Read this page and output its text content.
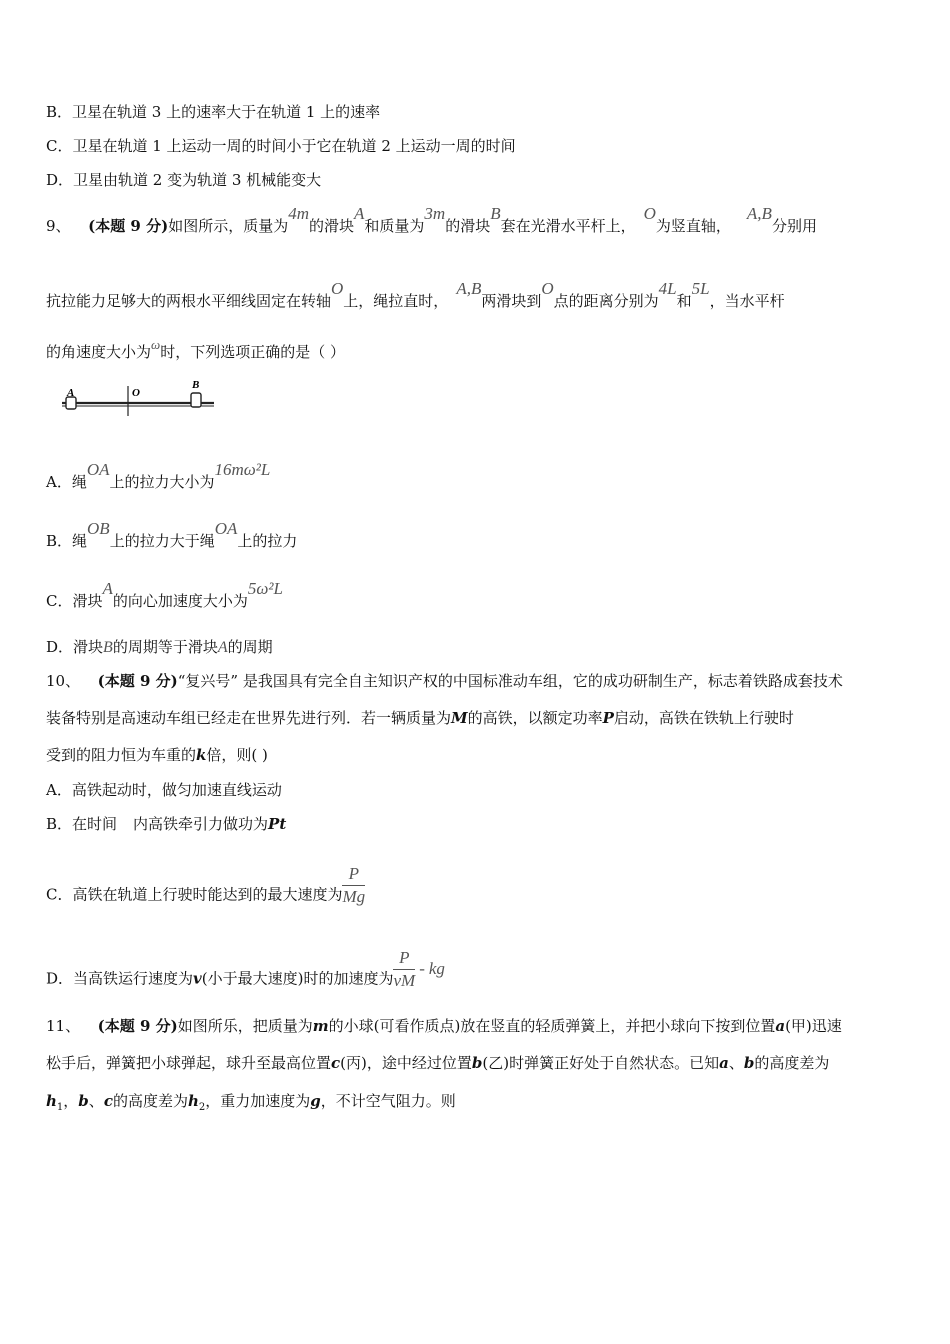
B．卫星在轨道 3 上的速率大于在轨道 1 上的速率
C．卫星在轨道 1 上运动一周的时间小于它在轨道 2 上运动一周的时间
D．卫星由轨道 2 变为轨道 3 机械能变大
9、 (本题 9 分)如图所示，质量为4m的滑块A和质量为3m的滑块B套在光滑水平杆上，O为竖直轴，A,B分别用
抗拉能力足够大的两根水平细线固定在转轴O上，绳拉直时，A,B两滑块到O点的距离分别为4L和5L，当水平杆
的角速度大小为ω时，下列选项正确的是（ ）
A	O
B
A．绳OA上的拉力大小为16mω²L
B．绳OB上的拉力大于绳OA上的拉力
C．滑块A的向心加速度大小为5ω²L
D．滑块B的周期等于滑块A的周期
10、 (本题 9 分)“复兴号” 是我国具有完全自主知识产权的中国标准动车组，它的成功研制生产，标志着铁路成套技术
装备特别是高速动车组已经走在世界先进行列．若一辆质量为M的高铁，以额定功率P启动，高铁在铁轨上行驶时
受到的阻力恒为车重的k倍，则( )
A．高铁起动时，做匀加速直线运动
B．在时间 内高铁牵引力做功为Pt
C．高铁在轨道上行驶时能达到的最大速度为 $\frac{P}{Mg}$
D．当高铁运行速度为v(小于最大速度)时的加速度为 $\frac{P}{vM}$ - kg
11、 (本题 9 分)如图所乐，把质量为m的小球(可看作质点)放在竖直的轻质弹簧上，并把小球向下按到位置a(甲)迅速
松手后，弹簧把小球弹起，球升至最高位置c(丙)，途中经过位置b(乙)时弹簧正好处于自然状态。已知a、b的高度差为
$h_1$，b、c的高度差为$h_2$，重力加速度为g，不计空气阻力。则
